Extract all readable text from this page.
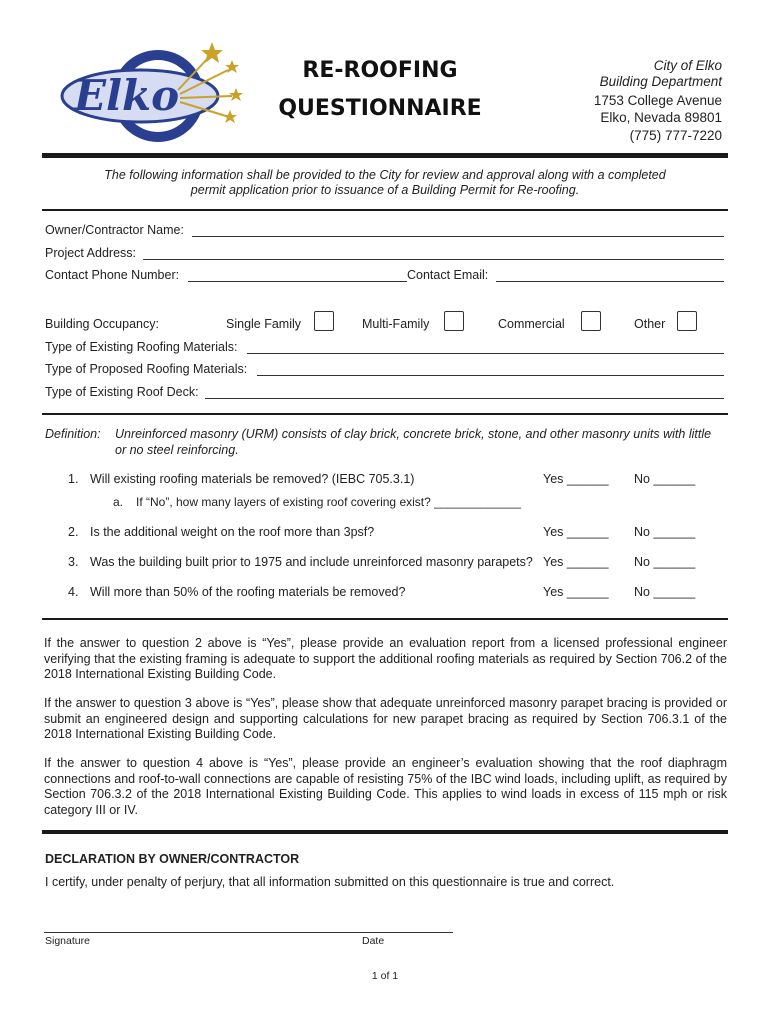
Elko
RE-ROOFING
QUESTIONNAIRE
City of Elko
Building Department
1753 College Avenue
Elko, Nevada 89801
(775) 777-7220
The following information shall be provided to the City for review and approval along with a completed permit application prior to issuance of a Building Permit for Re-roofing.
Owner/Contractor Name:
Project Address:
Contact Phone Number:	Contact Email:
Building Occupancy:	Single Family	Multi-Family	Commercial	Other
Type of Existing Roofing Materials:
Type of Proposed Roofing Materials:
Type of Existing Roof Deck:
Definition: Unreinforced masonry (URM) consists of clay brick, concrete brick, stone, and other masonry units with little
or no steel reinforcing.
1. Will existing roofing materials be removed? (IEBC 705.3.1)	Yes ______ No ______
a. If “No”, how many layers of existing roof covering exist? _____________
2. Is the additional weight on the roof more than 3psf?	Yes ______ No ______
3. Was the building built prior to 1975 and include unreinforced masonry parapets? Yes ______ No ______
4. Will more than 50% of the roofing materials be removed?	Yes ______ No ______
If the answer to question 2 above is “Yes”, please provide an evaluation report from a licensed professional engineer verifying that the existing framing is adequate to support the additional roofing materials as required by Section 706.2 of the 2018 International Existing Building Code.
If the answer to question 3 above is “Yes”, please show that adequate unreinforced masonry parapet bracing is provided or submit an engineered design and supporting calculations for new parapet bracing as required by Section 706.3.1 of the 2018 International Existing Building Code.
If the answer to question 4 above is “Yes”, please provide an engineer’s evaluation showing that the roof diaphragm connections and roof-to-wall connections are capable of resisting 75% of the IBC wind loads, including uplift, as required by Section 706.3.2 of the 2018 International Existing Building Code. This applies to wind loads in excess of 115 mph or risk category III or IV.
DECLARATION BY OWNER/CONTRACTOR
I certify, under penalty of perjury, that all information submitted on this questionnaire is true and correct.
Signature	Date
1 of 1
